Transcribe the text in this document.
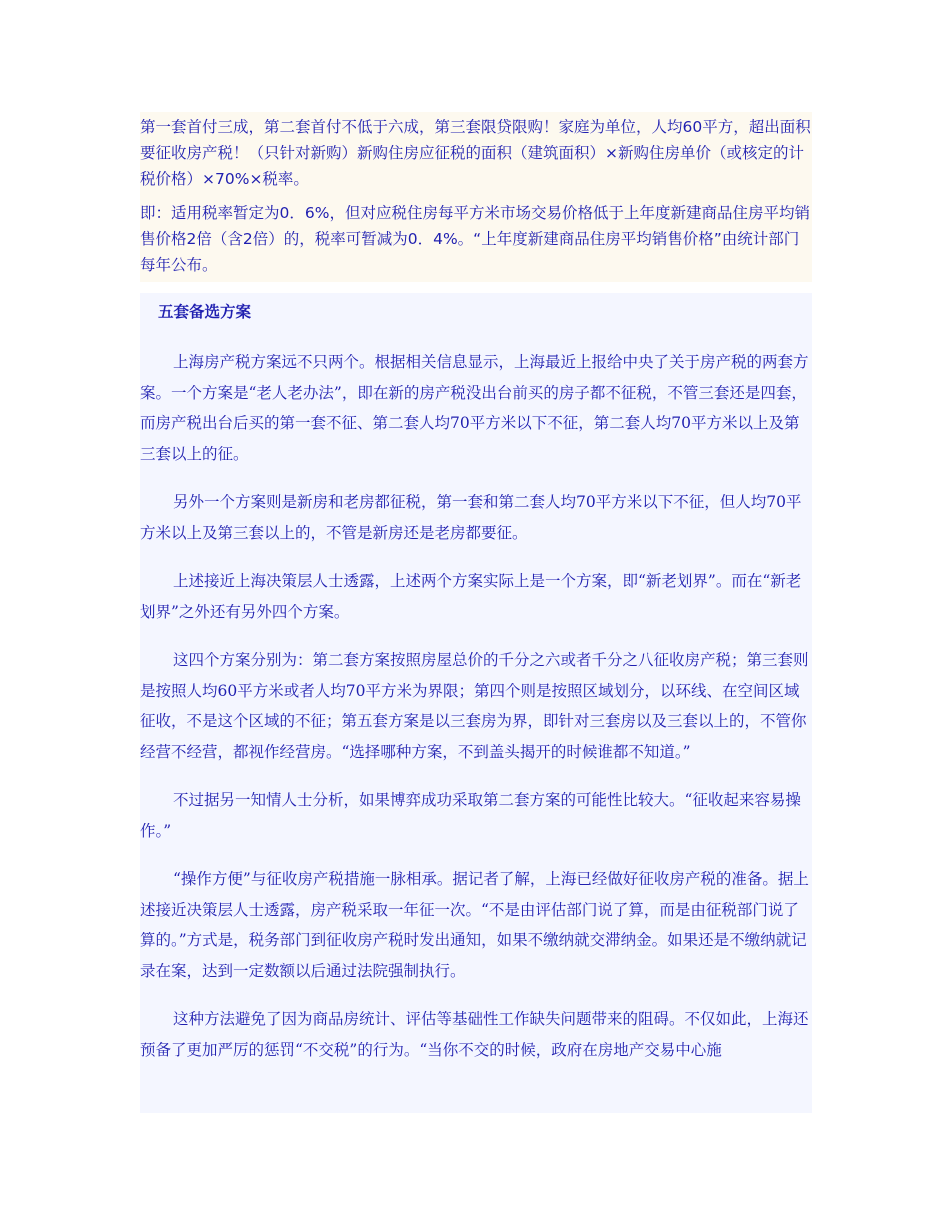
第一套首付三成，第二套首付不低于六成，第三套限贷限购！家庭为单位，人均60平方，超出面积要征收房产税！（只针对新购）新购住房应征税的面积（建筑面积）×新购住房单价（或核定的计税价格）×70%×税率。

即：适用税率暂定为0．6%，但对应税住房每平方米市场交易价格低于上年度新建商品住房平均销售价格2倍（含2倍）的，税率可暂减为0．4%。“上年度新建商品住房平均销售价格”由统计部门每年公布。

五套备选方案

上海房产税方案远不只两个。根据相关信息显示，上海最近上报给中央了关于房产税的两套方案。一个方案是“老人老办法”，即在新的房产税没出台前买的房子都不征税，不管三套还是四套，而房产税出台后买的第一套不征、第二套人均70平方米以下不征，第二套人均70平方米以上及第三套以上的征。

另外一个方案则是新房和老房都征税，第一套和第二套人均70平方米以下不征，但人均70平方米以上及第三套以上的，不管是新房还是老房都要征。

上述接近上海决策层人士透露，上述两个方案实际上是一个方案，即“新老划界”。而在“新老划界”之外还有另外四个方案。

这四个方案分别为：第二套方案按照房屋总价的千分之六或者千分之八征收房产税；第三套则是按照人均60平方米或者人均70平方米为界限；第四个则是按照区域划分，以环线、在空间区域征收，不是这个区域的不征；第五套方案是以三套房为界，即针对三套房以及三套以上的，不管你经营不经营，都视作经营房。“选择哪种方案，不到盖头揭开的时候谁都不知道。”

不过据另一知情人士分析，如果博弈成功采取第二套方案的可能性比较大。“征收起来容易操作。”

“操作方便”与征收房产税措施一脉相承。据记者了解，上海已经做好征收房产税的准备。据上述接近决策层人士透露，房产税采取一年征一次。“不是由评估部门说了算，而是由征税部门说了算的。”方式是，税务部门到征收房产税时发出通知，如果不缴纳就交滞纳金。如果还是不缴纳就记录在案，达到一定数额以后通过法院强制执行。

这种方法避免了因为商品房统计、评估等基础性工作缺失问题带来的阻碍。不仅如此，上海还预备了更加严厉的惩罚“不交税”的行为。“当你不交的时候，政府在房地产交易中心施
